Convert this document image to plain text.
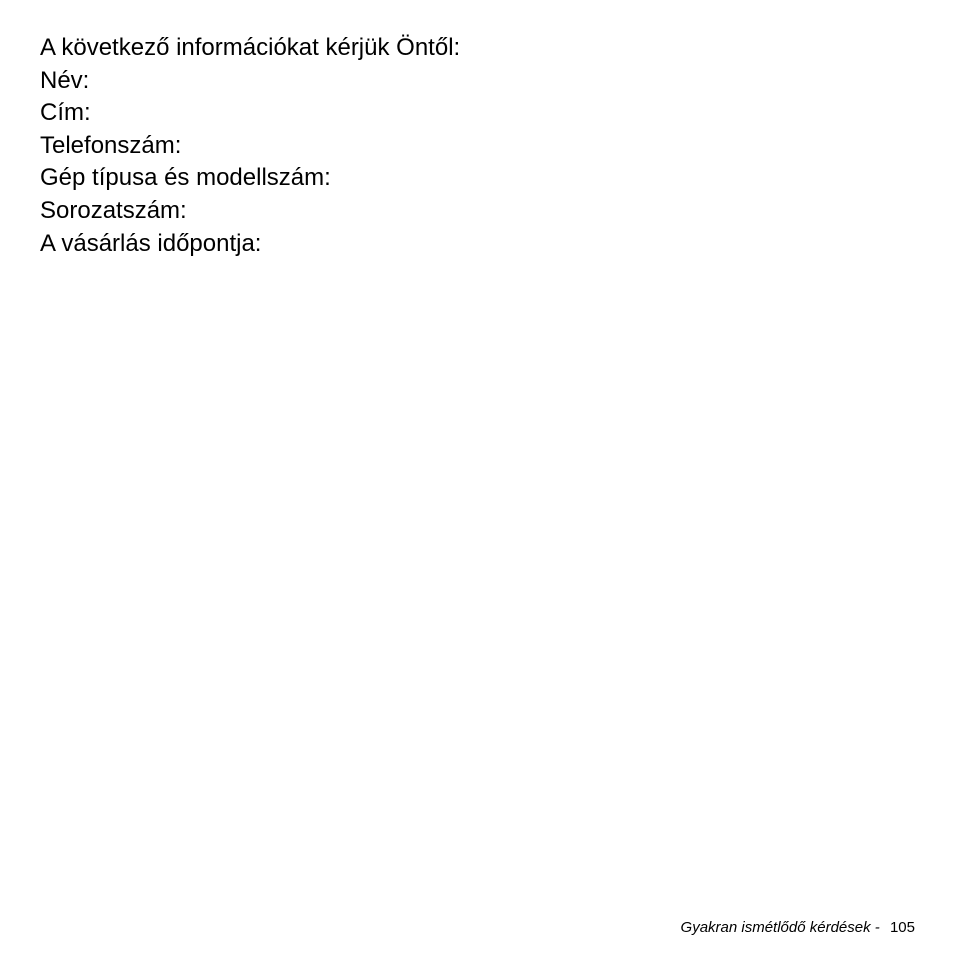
A következő információkat kérjük Öntől:
Név:
Cím:
Telefonszám:
Gép típusa és modellszám:
Sorozatszám:
A vásárlás időpontja:
Gyakran ismétlődő kérdések - 105
